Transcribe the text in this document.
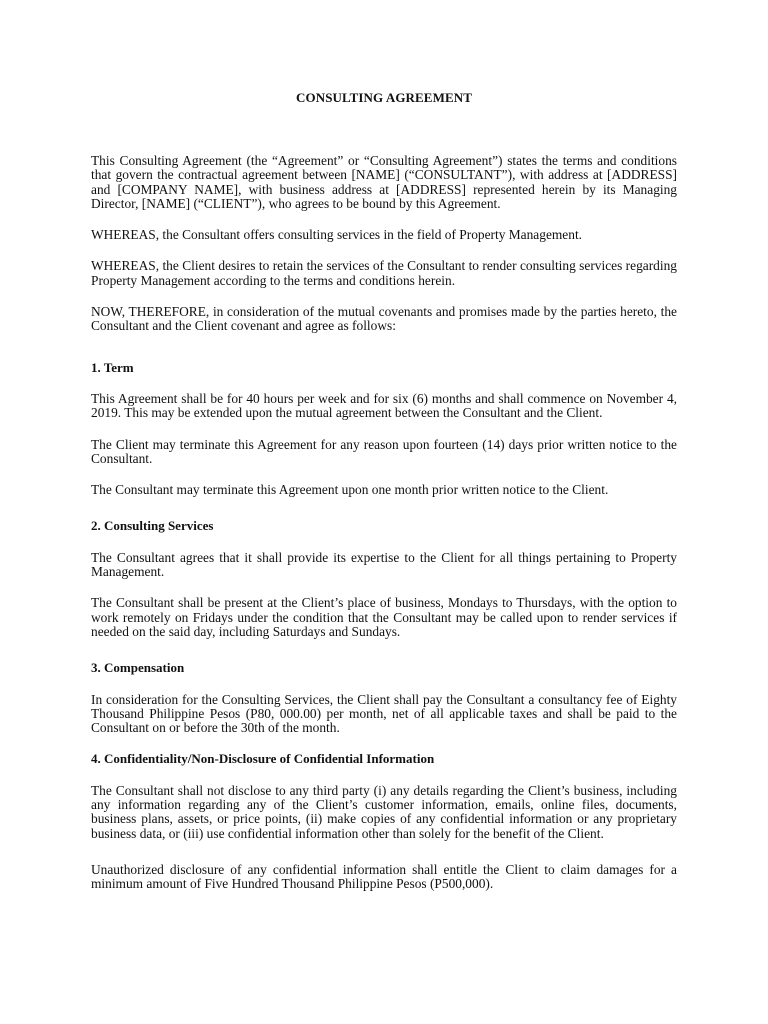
CONSULTING AGREEMENT

This Consulting Agreement (the “Agreement” or “Consulting Agreement”) states the terms and conditions that govern the contractual agreement between [NAME] (“CONSULTANT”), with address at [ADDRESS] and [COMPANY NAME], with business address at [ADDRESS] represented herein by its Managing Director, [NAME] (“CLIENT”), who agrees to be bound by this Agreement.

WHEREAS, the Consultant offers consulting services in the field of Property Management.

WHEREAS, the Client desires to retain the services of the Consultant to render consulting services regarding Property Management according to the terms and conditions herein.

NOW, THEREFORE, in consideration of the mutual covenants and promises made by the parties hereto, the Consultant and the Client covenant and agree as follows:

1. Term

This Agreement shall be for 40 hours per week and for six (6) months and shall commence on November 4, 2019. This may be extended upon the mutual agreement between the Consultant and the Client.

The Client may terminate this Agreement for any reason upon fourteen (14) days prior written notice to the Consultant.

The Consultant may terminate this Agreement upon one month prior written notice to the Client.

2. Consulting Services

The Consultant agrees that it shall provide its expertise to the Client for all things pertaining to Property Management.

The Consultant shall be present at the Client’s place of business, Mondays to Thursdays, with the option to work remotely on Fridays under the condition that the Consultant may be called upon to render services if needed on the said day, including Saturdays and Sundays.

3. Compensation

In consideration for the Consulting Services, the Client shall pay the Consultant a consultancy fee of Eighty Thousand Philippine Pesos (P80, 000.00) per month, net of all applicable taxes and shall be paid to the Consultant on or before the 30th of the month.

4. Confidentiality/Non-Disclosure of Confidential Information

The Consultant shall not disclose to any third party (i) any details regarding the Client’s business, including any information regarding any of the Client’s customer information, emails, online files, documents, business plans, assets, or price points, (ii) make copies of any confidential information or any proprietary business data, or (iii) use confidential information other than solely for the benefit of the Client.

Unauthorized disclosure of any confidential information shall entitle the Client to claim damages for a minimum amount of Five Hundred Thousand Philippine Pesos (P500,000).
